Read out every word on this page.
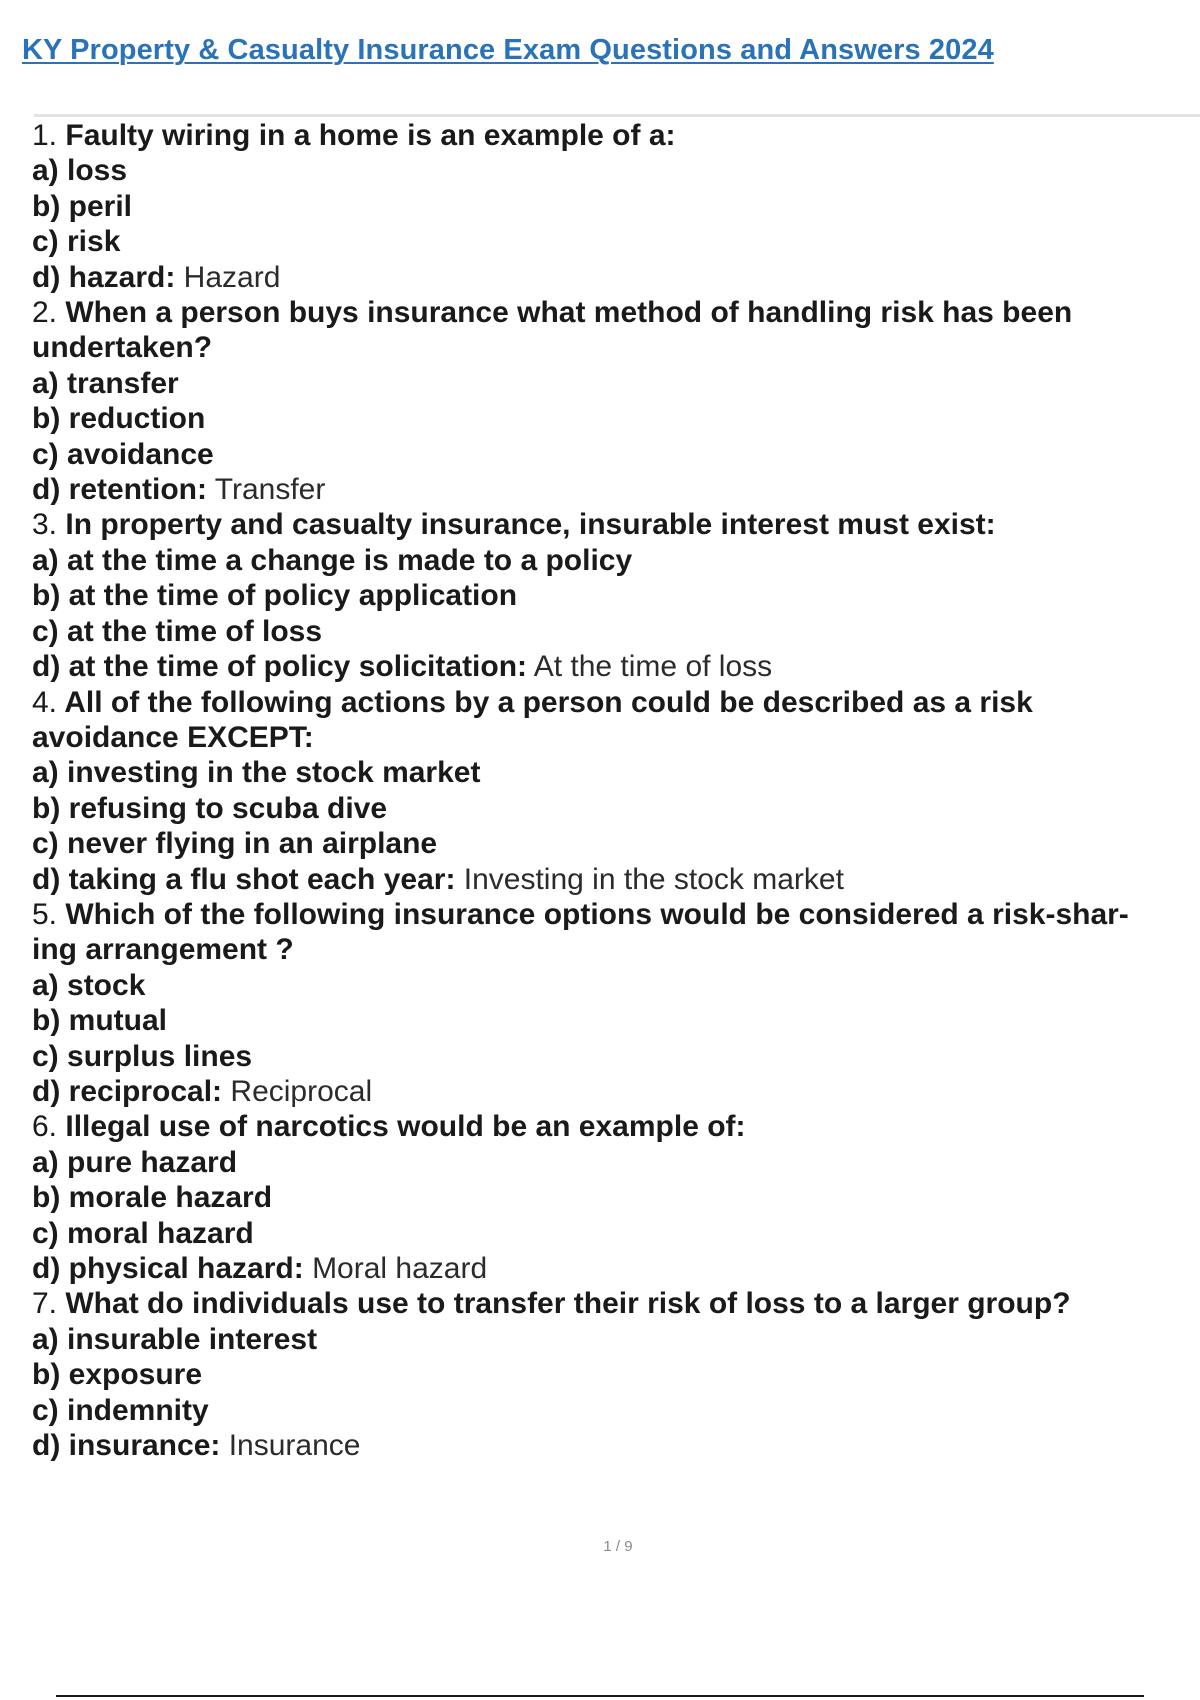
KY Property & Casualty Insurance Exam Questions and Answers 2024
1. Faulty wiring in a home is an example of a:
a) loss
b) peril
c) risk
d) hazard: Hazard
2. When a person buys insurance what method of handling risk has been
undertaken?
a) transfer
b) reduction
c) avoidance
d) retention: Transfer
3. In property and casualty insurance, insurable interest must exist:
a) at the time a change is made to a policy
b) at the time of policy application
c) at the time of loss
d) at the time of policy solicitation: At the time of loss
4. All of the following actions by a person could be described as a risk
avoidance EXCEPT:
a) investing in the stock market
b) refusing to scuba dive
c) never flying in an airplane
d) taking a flu shot each year: Investing in the stock market
5. Which of the following insurance options would be considered a risk-shar-
ing arrangement ?
a) stock
b) mutual
c) surplus lines
d) reciprocal: Reciprocal
6. Illegal use of narcotics would be an example of:
a) pure hazard
b) morale hazard
c) moral hazard
d) physical hazard: Moral hazard
7. What do individuals use to transfer their risk of loss to a larger group?
a) insurable interest
b) exposure
c) indemnity
d) insurance: Insurance
1 / 9
